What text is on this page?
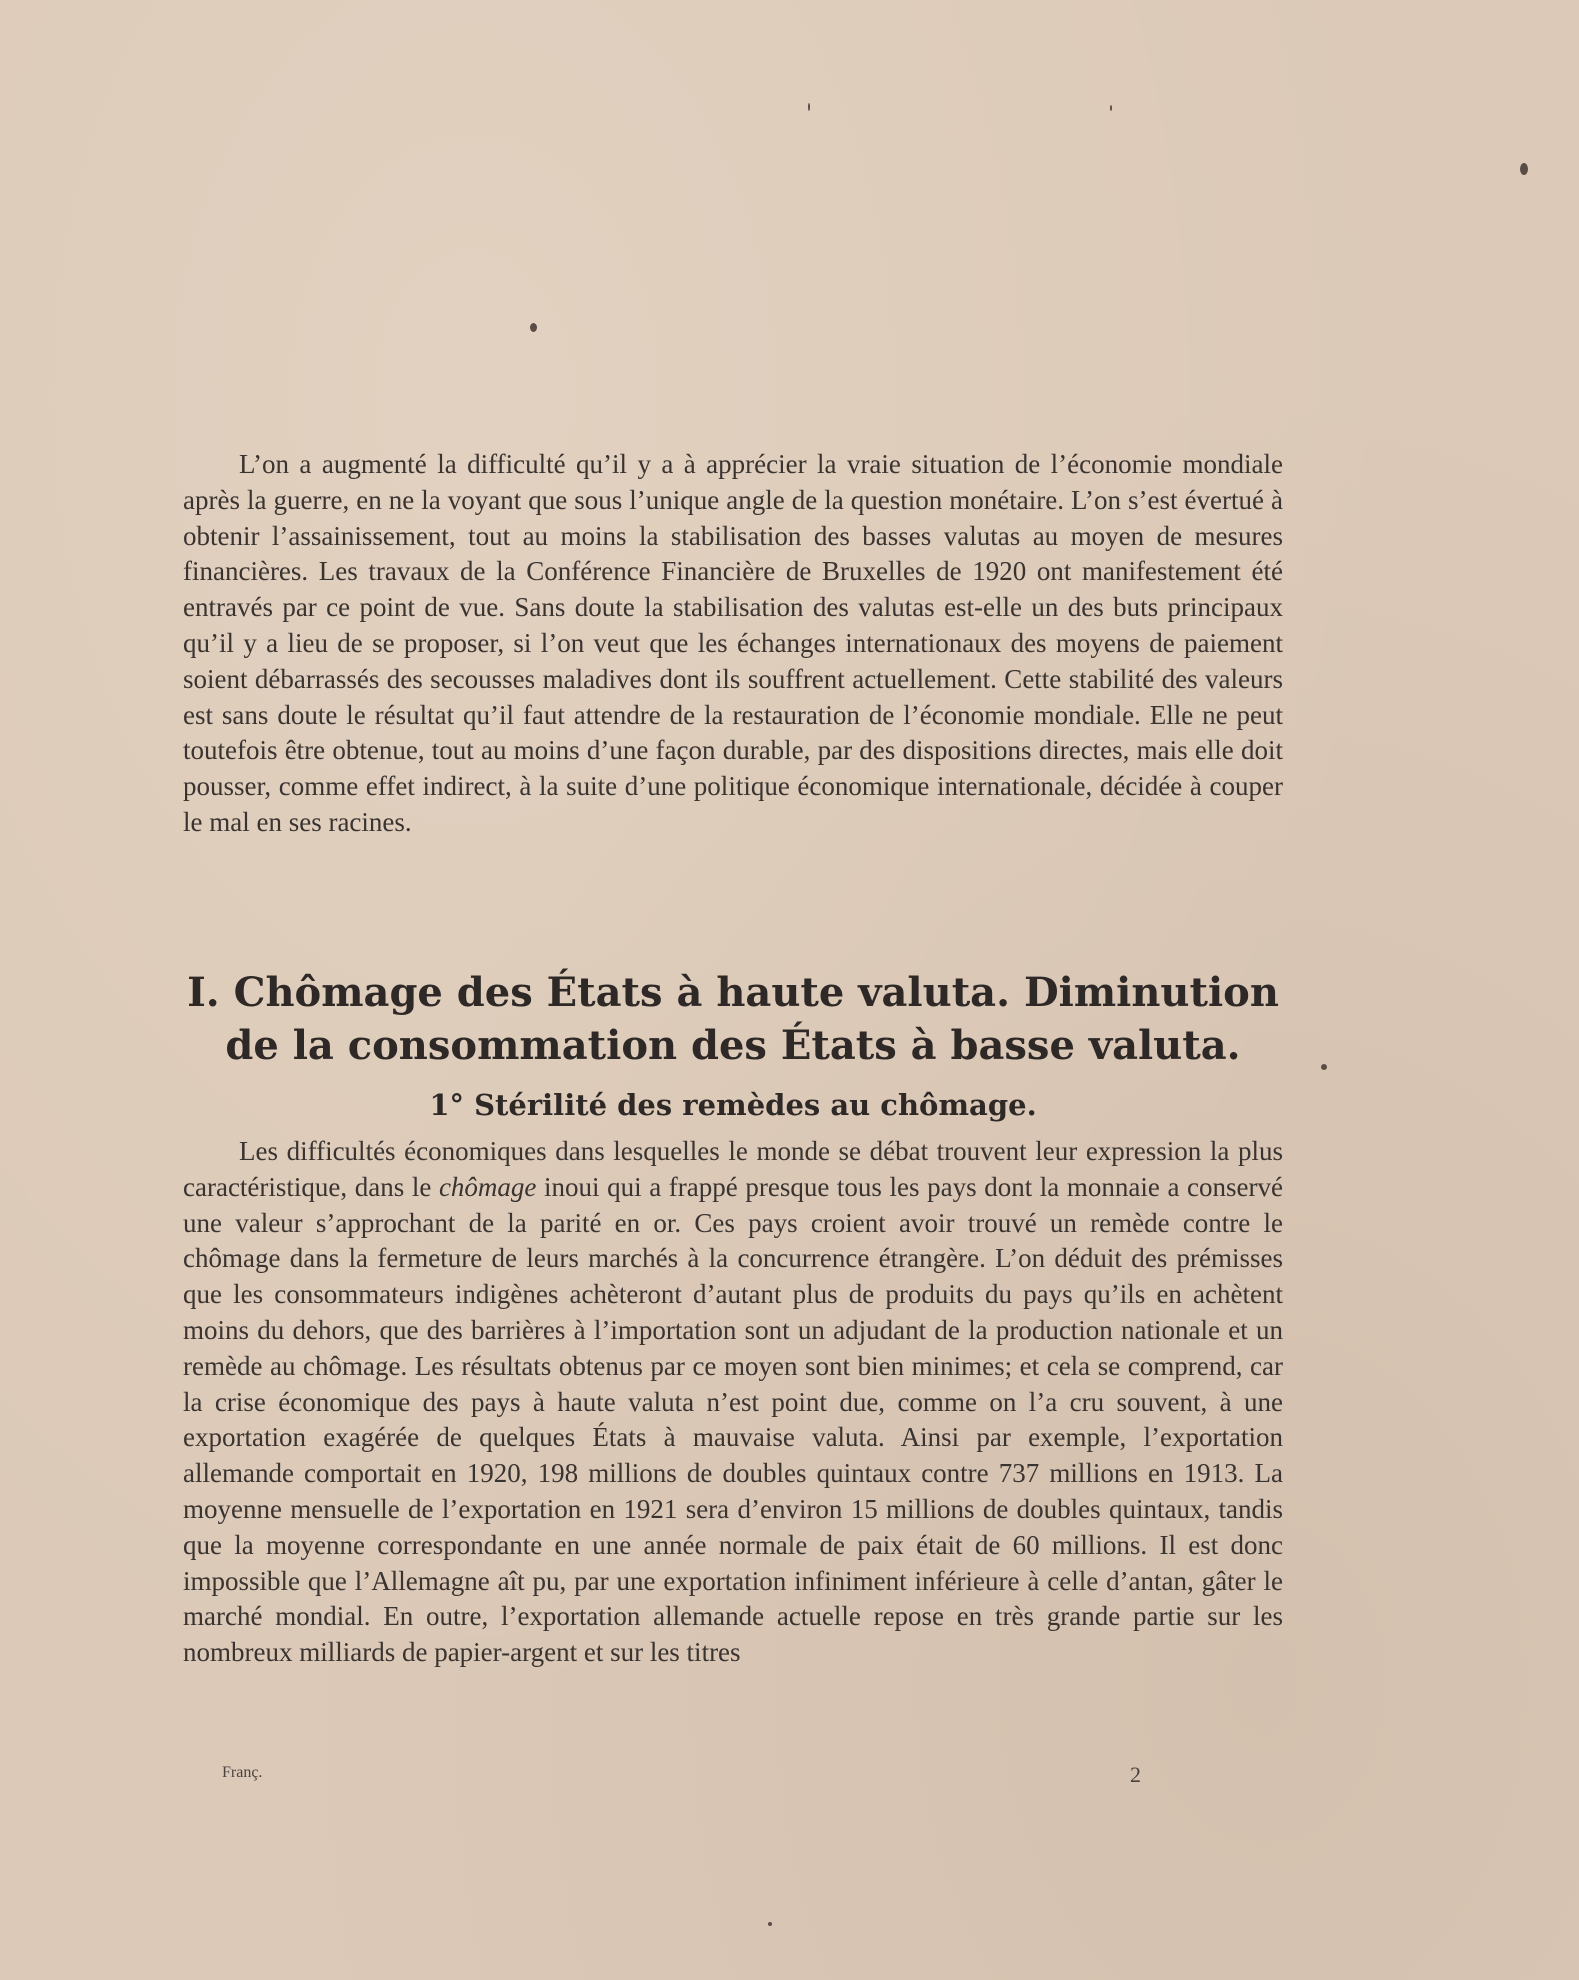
L’on a augmenté la difficulté qu’il y a à apprécier la vraie situation de l’économie mondiale après la guerre, en ne la voyant que sous l’unique angle de la question monétaire. L’on s’est évertué à obtenir l’assainissement, tout au moins la stabilisation des basses valutas au moyen de mesures financières. Les travaux de la Conférence Financière de Bruxelles de 1920 ont manifestement été entravés par ce point de vue. Sans doute la stabilisation des valutas est-elle un des buts principaux qu’il y a lieu de se proposer, si l’on veut que les échanges internationaux des moyens de paiement soient débarrassés des secousses maladives dont ils souffrent actuellement. Cette stabilité des valeurs est sans doute le résultat qu’il faut attendre de la restauration de l’économie mondiale. Elle ne peut toutefois être obtenue, tout au moins d’une façon durable, par des dispositions directes, mais elle doit pousser, comme effet indirect, à la suite d’une politique économique internationale, décidée à couper le mal en ses racines.

I. Chômage des États à haute valuta. Diminution
de la consommation des États à basse valuta.
1° Stérilité des remèdes au chômage.

Les difficultés économiques dans lesquelles le monde se débat trouvent leur expression la plus caractéristique, dans le chômage inoui qui a frappé presque tous les pays dont la monnaie a conservé une valeur s’approchant de la parité en or. Ces pays croient avoir trouvé un remède contre le chômage dans la fermeture de leurs marchés à la concurrence étrangère. L’on déduit des prémisses que les consommateurs indigènes achèteront d’autant plus de produits du pays qu’ils en achètent moins du dehors, que des barrières à l’importation sont un adjudant de la production nationale et un remède au chômage. Les résultats obtenus par ce moyen sont bien minimes; et cela se comprend, car la crise économique des pays à haute valuta n’est point due, comme on l’a cru souvent, à une exportation exagérée de quelques États à mauvaise valuta. Ainsi par exemple, l’exportation allemande comportait en 1920, 198 millions de doubles quintaux contre 737 millions en 1913. La moyenne mensuelle de l’exportation en 1921 sera d’environ 15 millions de doubles quintaux, tandis que la moyenne correspondante en une année normale de paix était de 60 millions. Il est donc impossible que l’Allemagne aît pu, par une exportation infiniment inférieure à celle d’antan, gâter le marché mondial. En outre, l’exportation allemande actuelle repose en très grande partie sur les nombreux milliards de papier-argent et sur les titres

Franç.	2
